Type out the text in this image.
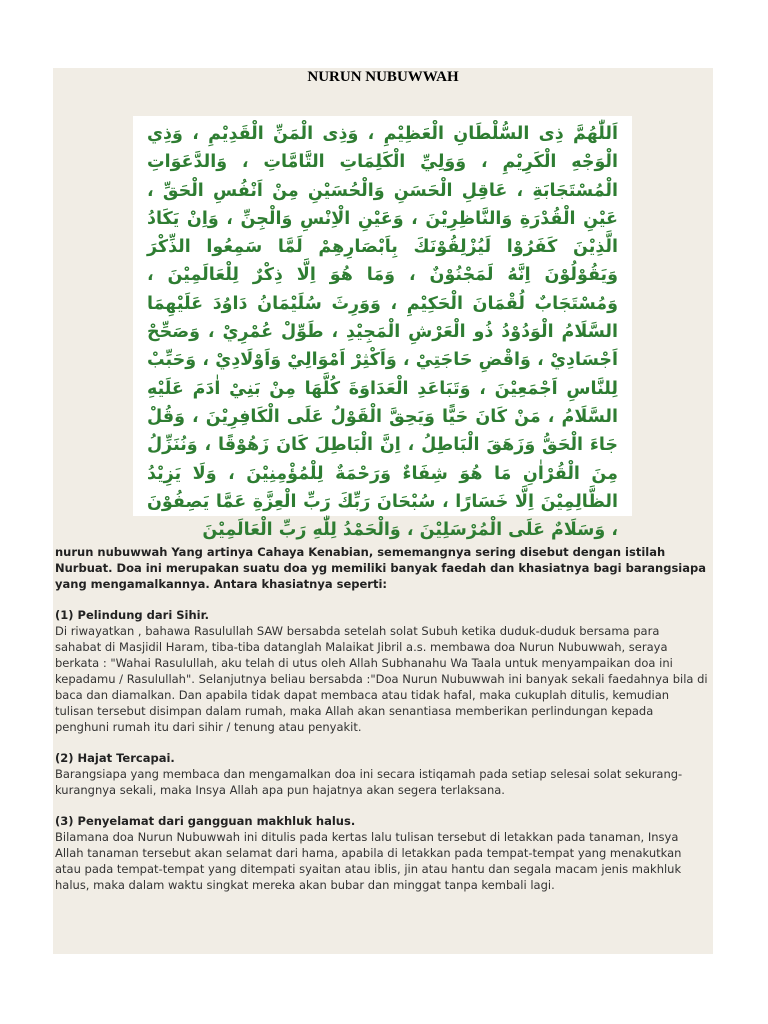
NURUN NUBUWWAH

اَللّٰهُمَّ ذِى السُّلْطَانِ الْعَظِيْمِ ، وَذِى الْمَنِّ الْقَدِيْمِ ، وَذِي الْوَجْهِ الْكَرِيْمِ ، وَوَلِيِّ الْكَلِمَاتِ التَّامَّاتِ ، وَالدَّعَوَاتِ الْمُسْتَجَابَةِ ، عَاقِلِ الْحَسَنِ وَالْحُسَيْنِ مِنْ اَنْفُسِ الْحَقِّ ، عَيْنِ الْقُدْرَةِ وَالنَّاظِرِيْنَ ، وَعَيْنِ الْاِنْسِ وَالْجِنِّ ، وَاِنْ يَكَادُ الَّذِيْنَ كَفَرُوْا لَيُزْلِقُوْنَكَ بِاَبْصَارِهِمْ لَمَّا سَمِعُوا الذِّكْرَ وَيَقُوْلُوْنَ اِنَّهُ لَمَجْنُوْنٌ ، وَمَا هُوَ اِلَّا ذِكْرٌ لِلْعَالَمِيْنَ ، وَمُسْتَجَابٌ لُقْمَانَ الْحَكِيْمِ ، وَوَرِثَ سُلَيْمَانُ دَاوُدَ عَلَيْهِمَا السَّلَامُ الْوَدُوْدُ ذُو الْعَرْشِ الْمَجِيْدِ ، طَوِّلْ عُمْرِيْ ، وَصَحِّحْ اَجْسَادِيْ ، وَاقْضِ حَاجَتِيْ ، وَاَكْثِرْ اَمْوَالِيْ وَاَوْلَادِيْ ، وَحَبِّبْ لِلنَّاسِ اَجْمَعِيْنَ ، وَتَبَاعَدِ الْعَدَاوَةَ كُلَّهَا مِنْ بَنِيْ اٰدَمَ عَلَيْهِ السَّلَامُ ، مَنْ كَانَ حَيًّا وَيَحِقَّ الْقَوْلُ عَلَى الْكَافِرِيْنَ ، وَقُلْ جَاءَ الْحَقُّ وَزَهَقَ الْبَاطِلُ ، اِنَّ الْبَاطِلَ كَانَ زَهُوْقًا ، وَنُنَزِّلُ مِنَ الْقُرْاٰنِ مَا هُوَ شِفَاءٌ وَرَحْمَةٌ لِلْمُؤْمِنِيْنَ ، وَلَا يَزِيْدُ الظَّالِمِيْنَ اِلَّا خَسَارًا ، سُبْحَانَ رَبِّكَ رَبِّ الْعِزَّةِ عَمَّا يَصِفُوْنَ ، وَسَلَامٌ عَلَى الْمُرْسَلِيْنَ ، وَالْحَمْدُ لِلّٰهِ رَبِّ الْعَالَمِيْنَ

nurun nubuwwah Yang artinya Cahaya Kenabian, sememangnya sering disebut dengan istilah Nurbuat. Doa ini merupakan suatu doa yg memiliki banyak faedah dan khasiatnya bagi barangsiapa yang mengamalkannya. Antara khasiatnya seperti:

(1) Pelindung dari Sihir.

Di riwayatkan , bahawa Rasulullah SAW bersabda setelah solat Subuh ketika duduk-duduk bersama para sahabat di Masjidil Haram, tiba-tiba datanglah Malaikat Jibril a.s. membawa doa Nurun Nubuwwah, seraya berkata : "Wahai Rasulullah, aku telah di utus oleh Allah Subhanahu Wa Taala untuk menyampaikan doa ini kepadamu / Rasulullah". Selanjutnya beliau bersabda :"Doa Nurun Nubuwwah ini banyak sekali faedahnya bila di baca dan diamalkan. Dan apabila tidak dapat membaca atau tidak hafal, maka cukuplah ditulis, kemudian tulisan tersebut disimpan dalam rumah, maka Allah akan senantiasa memberikan perlindungan kepada penghuni rumah itu dari sihir / tenung atau penyakit.

(2) Hajat Tercapai.

Barangsiapa yang membaca dan mengamalkan doa ini secara istiqamah pada setiap selesai solat sekurang-kurangnya sekali, maka Insya Allah apa pun hajatnya akan segera terlaksana.

(3) Penyelamat dari gangguan makhluk halus.

Bilamana doa Nurun Nubuwwah ini ditulis pada kertas lalu tulisan tersebut di letakkan pada tanaman, Insya Allah tanaman tersebut akan selamat dari hama, apabila di letakkan pada tempat-tempat yang menakutkan atau pada tempat-tempat yang ditempati syaitan atau iblis, jin atau hantu dan segala macam jenis makhluk halus, maka dalam waktu singkat mereka akan bubar dan minggat tanpa kembali lagi.
